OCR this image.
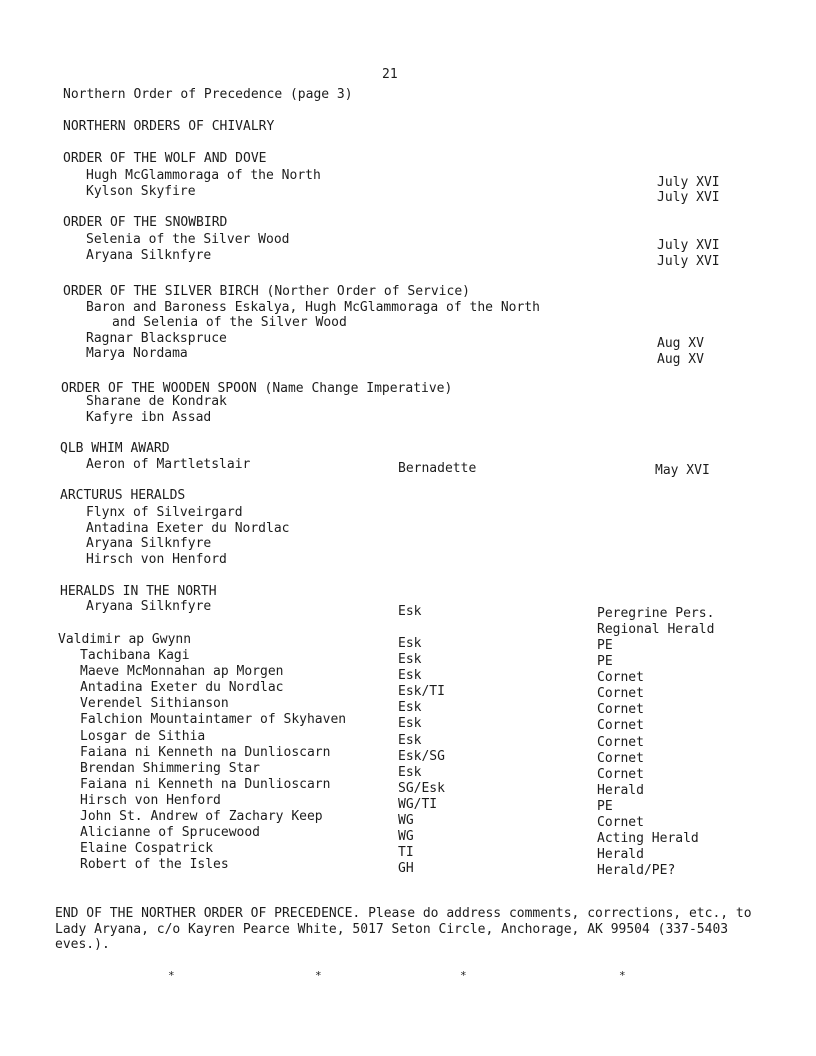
21
Northern Order of Precedence (page 3)
NORTHERN ORDERS OF CHIVALRY
ORDER OF THE WOLF AND DOVE
Hugh McGlammoraga of the North	July XVI
Kylson Skyfire	July XVI
ORDER OF THE SNOWBIRD
Selenia of the Silver Wood	July XVI
Aryana Silknfyre	July XVI
ORDER OF THE SILVER BIRCH (Norther Order of Service)
Baron and Baroness Eskalya, Hugh McGlammoraga of the North
and Selenia of the Silver Wood
Ragnar Blackspruce	Aug XV
Marya Nordama	Aug XV
ORDER OF THE WOODEN SPOON (Name Change Imperative)
Sharane de Kondrak
Kafyre ibn Assad
QLB WHIM AWARD
Aeron of Martletslair	Bernadette	May XVI
ARCTURUS HERALDS
Flynx of Silveirgard
Antadina Exeter du Nordlac
Aryana Silknfyre
Hirsch von Henford
HERALDS IN THE NORTH
Aryana Silknfyre	Esk	Peregrine Pers.
Regional Herald
Valdimir ap Gwynn	Esk	PE
Tachibana Kagi	Esk	PE
Maeve McMonnahan ap Morgen	Esk	Cornet
Antadina Exeter du Nordlac	Esk/TI	Cornet
Verendel Sithianson	Esk	Cornet
Falchion Mountaintamer of Skyhaven	Esk	Cornet
Losgar de Sithia	Esk	Cornet
Faiana ni Kenneth na Dunlioscarn	Esk/SG	Cornet
Brendan Shimmering Star	Esk	Cornet
Faiana ni Kenneth na Dunlioscarn	SG/Esk	Herald
Hirsch von Henford	WG/TI	PE
John St. Andrew of Zachary Keep	WG	Cornet
Alicianne of Sprucewood	WG	Acting Herald
Elaine Cospatrick	TI	Herald
Robert of the Isles	GH	Herald/PE?
END OF THE NORTHER ORDER OF PRECEDENCE. Please do address comments, corrections, etc., to Lady Aryana, c/o Kayren Pearce White, 5017 Seton Circle, Anchorage, AK 99504 (337-5403 eves.).
*	*	*	*
